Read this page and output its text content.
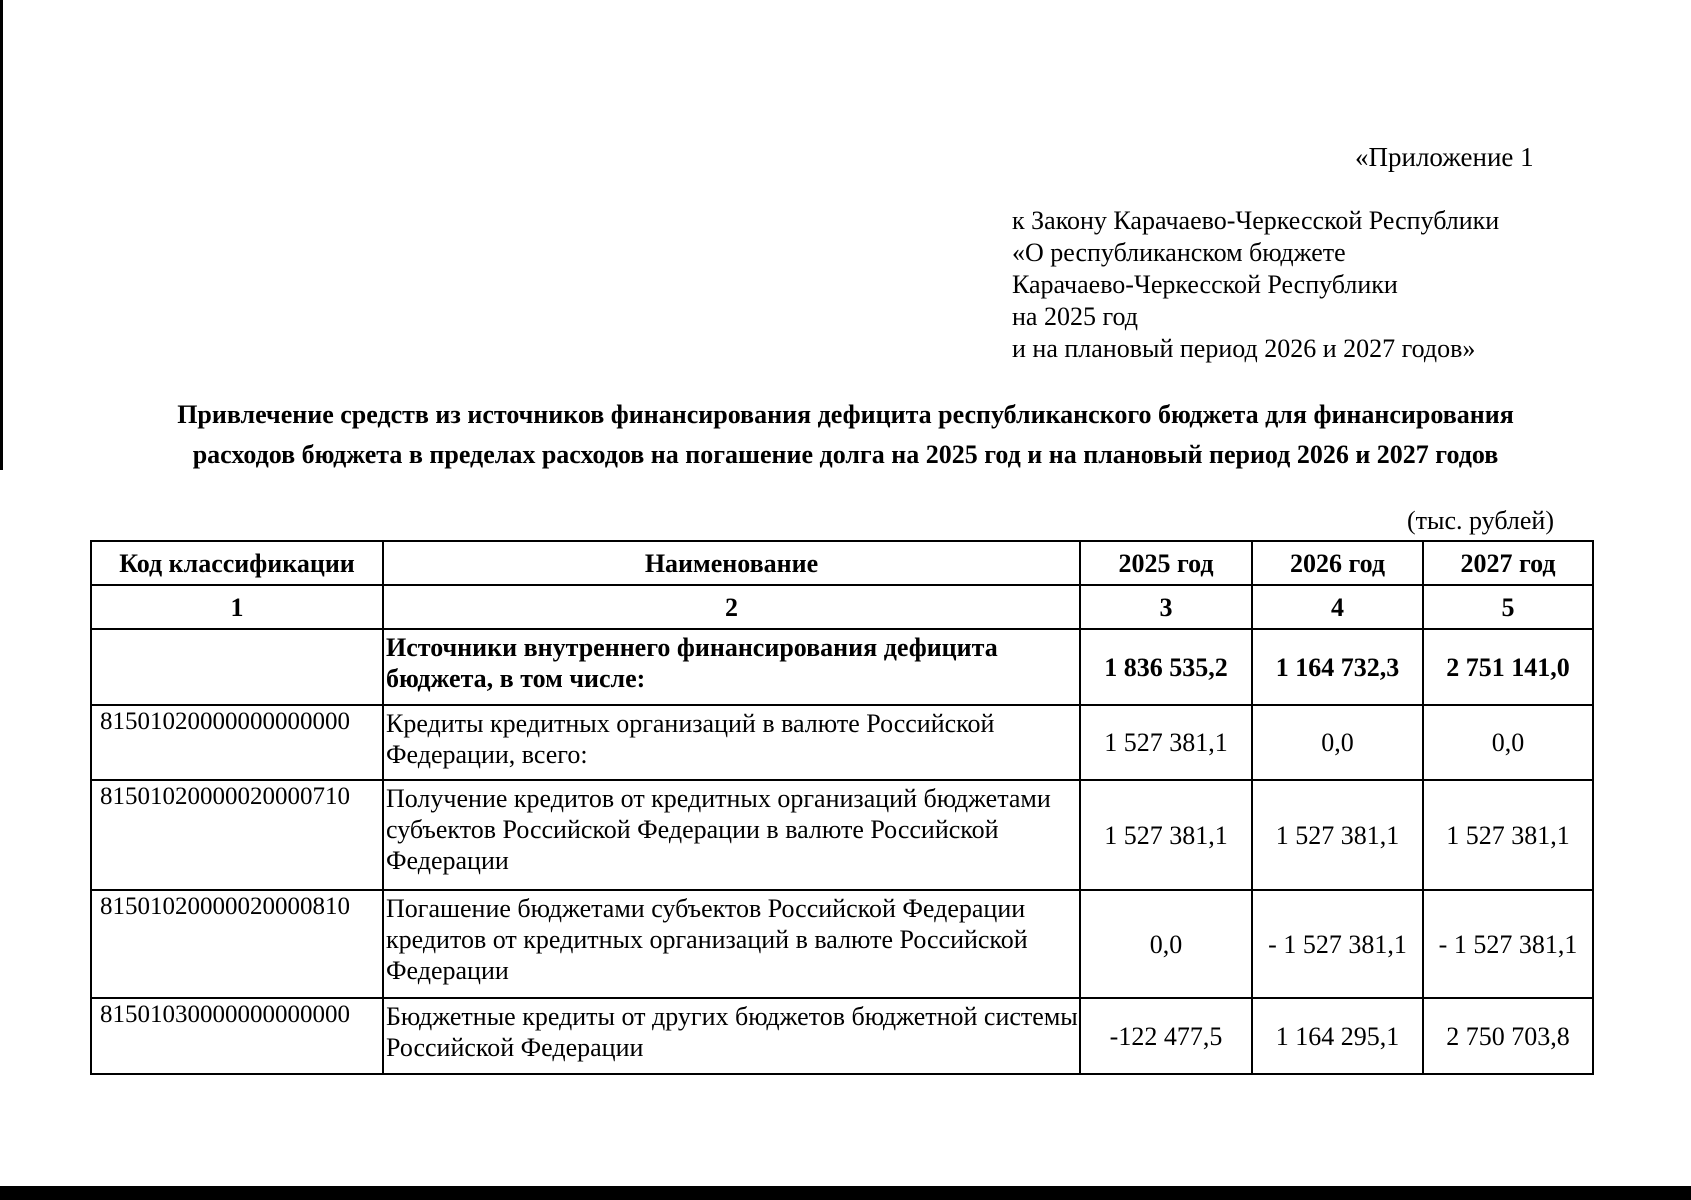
«Приложение 1
к Закону Карачаево-Черкесской Республики
«О республиканском бюджете
Карачаево-Черкесской Республики
на 2025 год
и на плановый период 2026 и 2027 годов»
Привлечение средств из источников финансирования дефицита республиканского бюджета для финансирования
расходов бюджета в пределах расходов на погашение долга на 2025 год и на плановый период 2026 и 2027 годов
(тыс. рублей)
Код классификации	Наименование	2025 год	2026 год	2027 год
1	2	3	4	5
	Источники внутреннего финансирования дефицита бюджета, в том числе:	1 836 535,2	1 164 732,3	2 751 141,0
81501020000000000000	Кредиты кредитных организаций в валюте Российской Федерации, всего:	1 527 381,1	0,0	0,0
81501020000020000710	Получение кредитов от кредитных организаций бюджетами субъектов Российской Федерации в валюте Российской Федерации	1 527 381,1	1 527 381,1	1 527 381,1
81501020000020000810	Погашение бюджетами субъектов Российской Федерации кредитов от кредитных организаций в валюте Российской Федерации	0,0	- 1 527 381,1	- 1 527 381,1
81501030000000000000	Бюджетные кредиты от других бюджетов бюджетной системы Российской Федерации	-122 477,5	1 164 295,1	2 750 703,8
